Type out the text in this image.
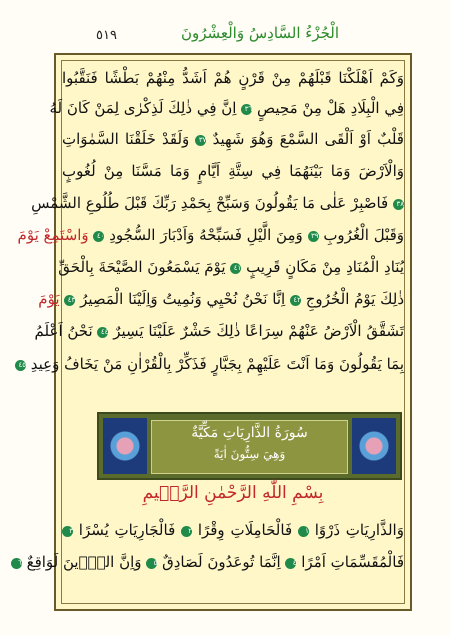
٥١٩	الْجُزْءُ السَّادِسُ وَالْعِشْرُونَ
وَكَمْ اَهْلَكْنَا قَبْلَهُمْ مِنْ قَرْنٍ هُمْ اَشَدُّ مِنْهُمْ بَطْشًا فَنَقَّبُوا
فِي الْبِلَادِ هَلْ مِنْ مَحِيصٍ ٣٦ اِنَّ فِي ذٰلِكَ لَذِكْرٰى لِمَنْ كَانَ لَهُ
قَلْبٌ اَوْ اَلْقَى السَّمْعَ وَهُوَ شَهِيدٌ ٣٧ وَلَقَدْ خَلَقْنَا السَّمٰوَاتِ
وَالْاَرْضَ وَمَا بَيْنَهُمَا فِي سِتَّةِ اَيَّامٍ وَمَا مَسَّنَا مِنْ لُغُوبٍ
٣٨ فَاصْبِرْ عَلٰى مَا يَقُولُونَ وَسَبِّحْ بِحَمْدِ رَبِّكَ قَبْلَ طُلُوعِ الشَّمْسِ
وَقَبْلَ الْغُرُوبِ ٣٩ وَمِنَ الَّيْلِ فَسَبِّحْهُ وَاَدْبَارَ السُّجُودِ ٤٠ وَاسْتَمِعْ يَوْمَ
يُنَادِ الْمُنَادِ مِنْ مَكَانٍ قَرِيبٍ ٤١ يَوْمَ يَسْمَعُونَ الصَّيْحَةَ بِالْحَقِّ
ذٰلِكَ يَوْمُ الْخُرُوجِ ٤٢ اِنَّا نَحْنُ نُحْيِي وَنُمِيتُ وَاِلَيْنَا الْمَصِيرُ ٤٣ يَوْمَ
تَشَقَّقُ الْاَرْضُ عَنْهُمْ سِرَاعًا ذٰلِكَ حَشْرٌ عَلَيْنَا يَسِيرٌ ٤٤ نَحْنُ اَعْلَمُ
بِمَا يَقُولُونَ وَمَا اَنْتَ عَلَيْهِمْ بِجَبَّارٍ فَذَكِّرْ بِالْقُرْاٰنِ مَنْ يَخَافُ وَعِيدِ ٤٥
سُورَةُ الذَّارِيَاتِ مَكِّيَّةٌ
وَهِيَ سِتُّونَ اٰيَةً
بِسْمِ اللّٰهِ الرَّحْمٰنِ الرَّح۪يمِ
وَالذَّارِيَاتِ ذَرْوًا ١ فَالْحَامِلَاتِ وِقْرًا ٢ فَالْجَارِيَاتِ يُسْرًا ٣
فَالْمُقَسِّمَاتِ اَمْرًا ٤ اِنَّمَا تُوعَدُونَ لَصَادِقٌ ٥ وَاِنَّ الدّ۪ينَ لَوَاقِعٌ ٦
